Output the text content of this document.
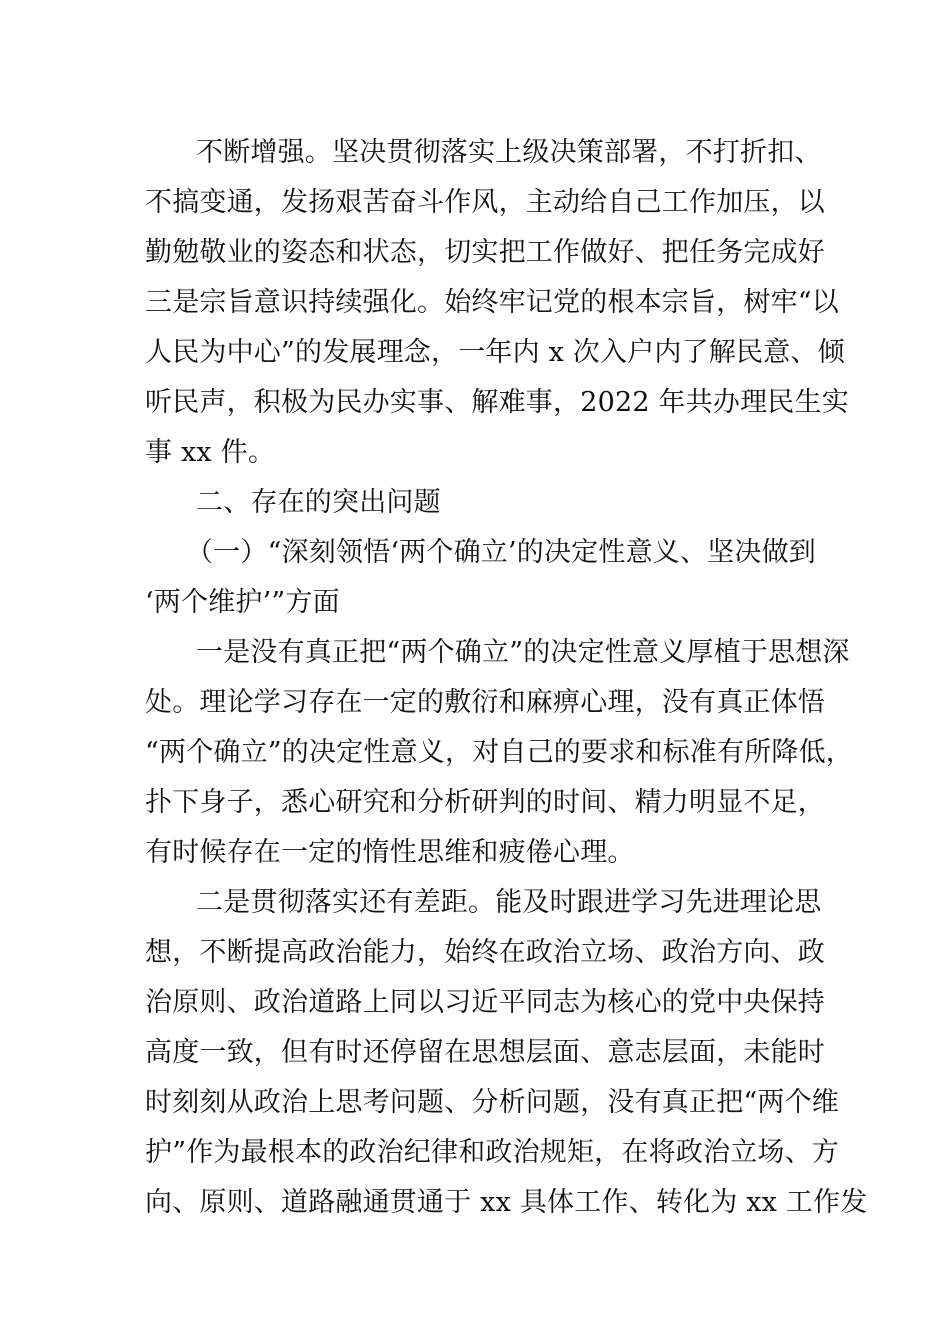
不断增强。坚决贯彻落实上级决策部署，不打折扣、
不搞变通，发扬艰苦奋斗作风，主动给自己工作加压，以
勤勉敬业的姿态和状态，切实把工作做好、把任务完成好
三是宗旨意识持续强化。始终牢记党的根本宗旨，树牢“以
人民为中心”的发展理念，一年内 x 次入户内了解民意、倾
听民声，积极为民办实事、解难事，2022 年共办理民生实
事 xx 件。
二、存在的突出问题
（一）“深刻领悟‘两个确立’的决定性意义、坚决做到
‘两个维护’”方面
一是没有真正把“两个确立”的决定性意义厚植于思想深
处。理论学习存在一定的敷衍和麻痹心理，没有真正体悟
“两个确立”的决定性意义，对自己的要求和标准有所降低，
扑下身子，悉心研究和分析研判的时间、精力明显不足，
有时候存在一定的惰性思维和疲倦心理。
二是贯彻落实还有差距。能及时跟进学习先进理论思
想，不断提高政治能力，始终在政治立场、政治方向、政
治原则、政治道路上同以习近平同志为核心的党中央保持
高度一致，但有时还停留在思想层面、意志层面，未能时
时刻刻从政治上思考问题、分析问题，没有真正把“两个维
护”作为最根本的政治纪律和政治规矩，在将政治立场、方
向、原则、道路融通贯通于 xx 具体工作、转化为 xx 工作发
